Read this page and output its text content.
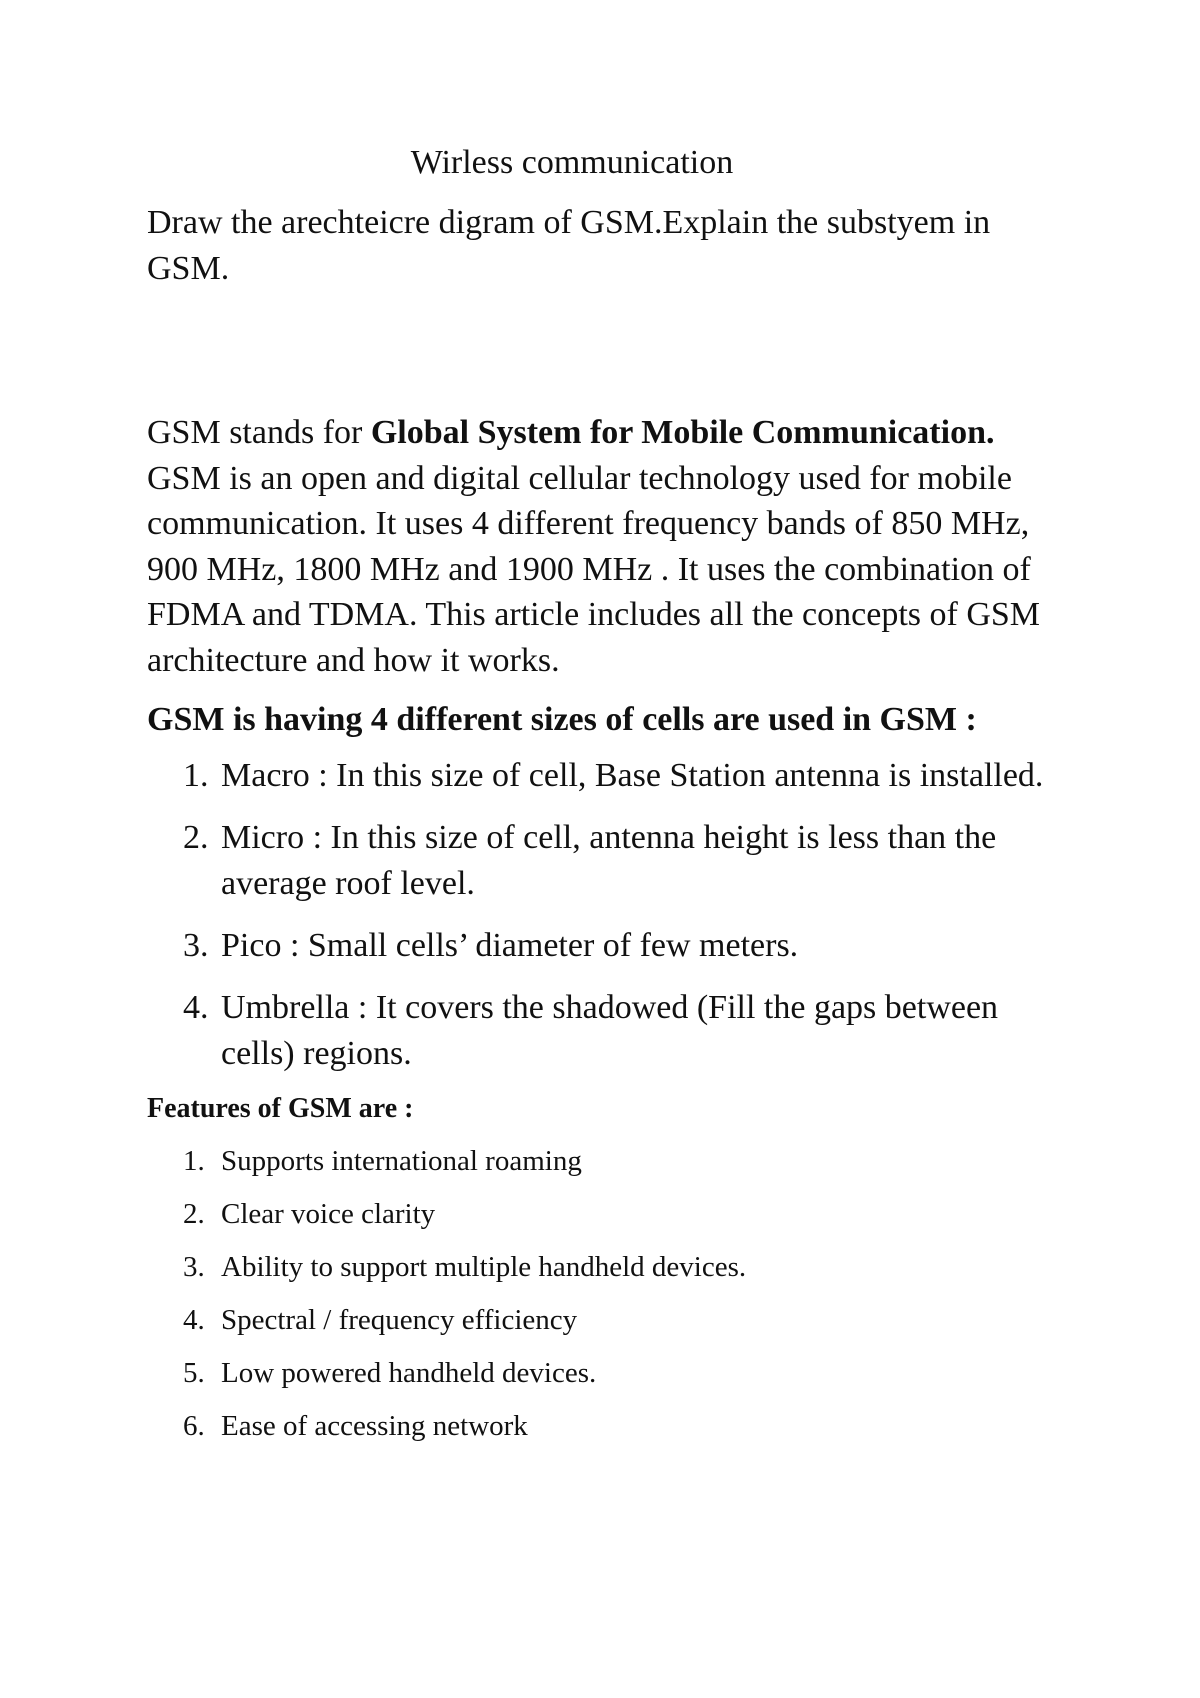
Wirless communication

Draw the arechteicre digram of GSM.Explain the substyem in GSM.

GSM stands for Global System for Mobile Communication. GSM is an open and digital cellular technology used for mobile communication. It uses 4 different frequency bands of 850 MHz, 900 MHz, 1800 MHz and 1900 MHz . It uses the combination of FDMA and TDMA. This article includes all the concepts of GSM architecture and how it works.

GSM is having 4 different sizes of cells are used in GSM :
1. Macro : In this size of cell, Base Station antenna is installed.
2. Micro : In this size of cell, antenna height is less than the average roof level.
3. Pico : Small cells’ diameter of few meters.
4. Umbrella : It covers the shadowed (Fill the gaps between cells) regions.
Features of GSM are :
1. Supports international roaming
2. Clear voice clarity
3. Ability to support multiple handheld devices.
4. Spectral / frequency efficiency
5. Low powered handheld devices.
6. Ease of accessing network
